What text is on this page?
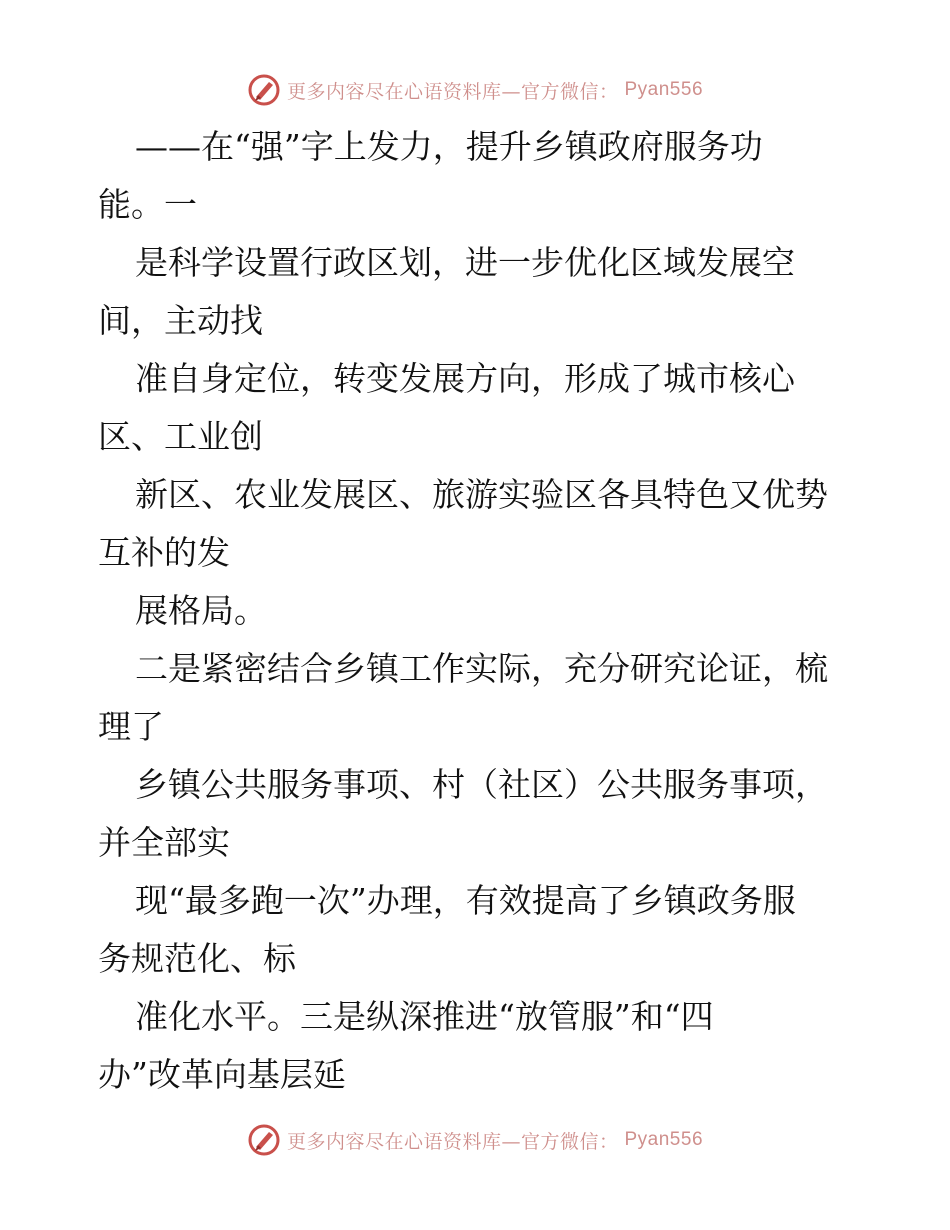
更多内容尽在心语资料库—官方微信： Pyan556
——在“强”字上发力，提升乡镇政府服务功
能。一
是科学设置行政区划，进一步优化区域发展空
间，主动找
准自身定位，转变发展方向，形成了城市核心
区、工业创
新区、农业发展区、旅游实验区各具特色又优势
互补的发
展格局。
二是紧密结合乡镇工作实际，充分研究论证，梳
理了
乡镇公共服务事项、村（社区）公共服务事项，
并全部实
现“最多跑一次”办理，有效提高了乡镇政务服
务规范化、标
准化水平。三是纵深推进“放管服”和“四
办”改革向基层延
更多内容尽在心语资料库—官方微信： Pyan556
